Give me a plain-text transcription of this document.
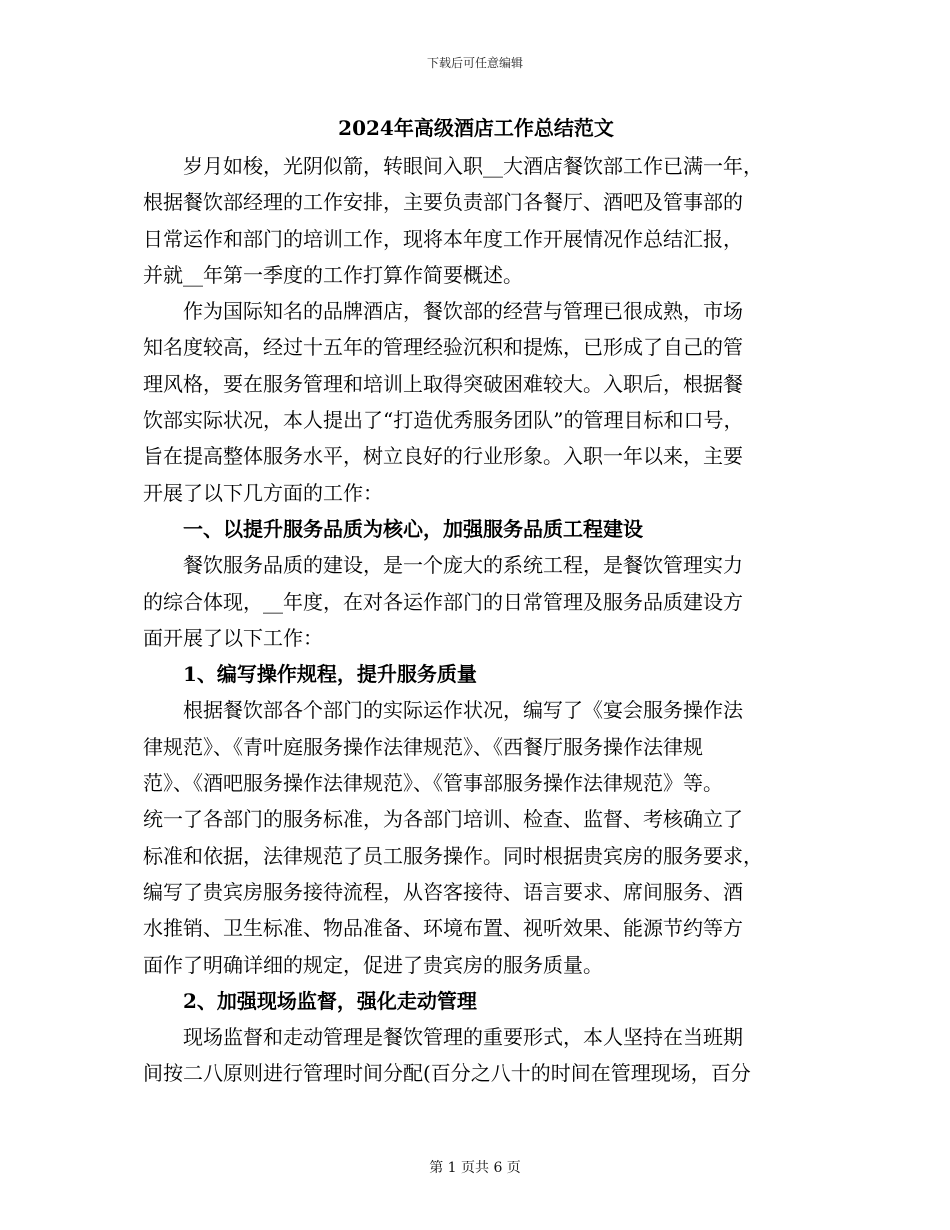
下载后可任意编辑
2024年高级酒店工作总结范文
岁月如梭，光阴似箭，转眼间入职__大酒店餐饮部工作已满一年，
根据餐饮部经理的工作安排，主要负责部门各餐厅、酒吧及管事部的
日常运作和部门的培训工作，现将本年度工作开展情况作总结汇报，
并就__年第一季度的工作打算作简要概述。
作为国际知名的品牌酒店，餐饮部的经营与管理已很成熟，市场
知名度较高，经过十五年的管理经验沉积和提炼，已形成了自己的管
理风格，要在服务管理和培训上取得突破困难较大。入职后，根据餐
饮部实际状况，本人提出了“打造优秀服务团队”的管理目标和口号，
旨在提高整体服务水平，树立良好的行业形象。入职一年以来，主要
开展了以下几方面的工作：
一、以提升服务品质为核心，加强服务品质工程建设
餐饮服务品质的建设，是一个庞大的系统工程，是餐饮管理实力
的综合体现，__年度，在对各运作部门的日常管理及服务品质建设方
面开展了以下工作：
1、编写操作规程，提升服务质量
根据餐饮部各个部门的实际运作状况，编写了《宴会服务操作法
律规范》、《青叶庭服务操作法律规范》、《西餐厅服务操作法律规
范》、《酒吧服务操作法律规范》、《管事部服务操作法律规范》等。
统一了各部门的服务标准，为各部门培训、检查、监督、考核确立了
标准和依据，法律规范了员工服务操作。同时根据贵宾房的服务要求，
编写了贵宾房服务接待流程，从咨客接待、语言要求、席间服务、酒
水推销、卫生标准、物品准备、环境布置、视听效果、能源节约等方
面作了明确详细的规定，促进了贵宾房的服务质量。
2、加强现场监督，强化走动管理
现场监督和走动管理是餐饮管理的重要形式，本人坚持在当班期
间按二八原则进行管理时间分配(百分之八十的时间在管理现场，百分
第 1 页共 6 页
